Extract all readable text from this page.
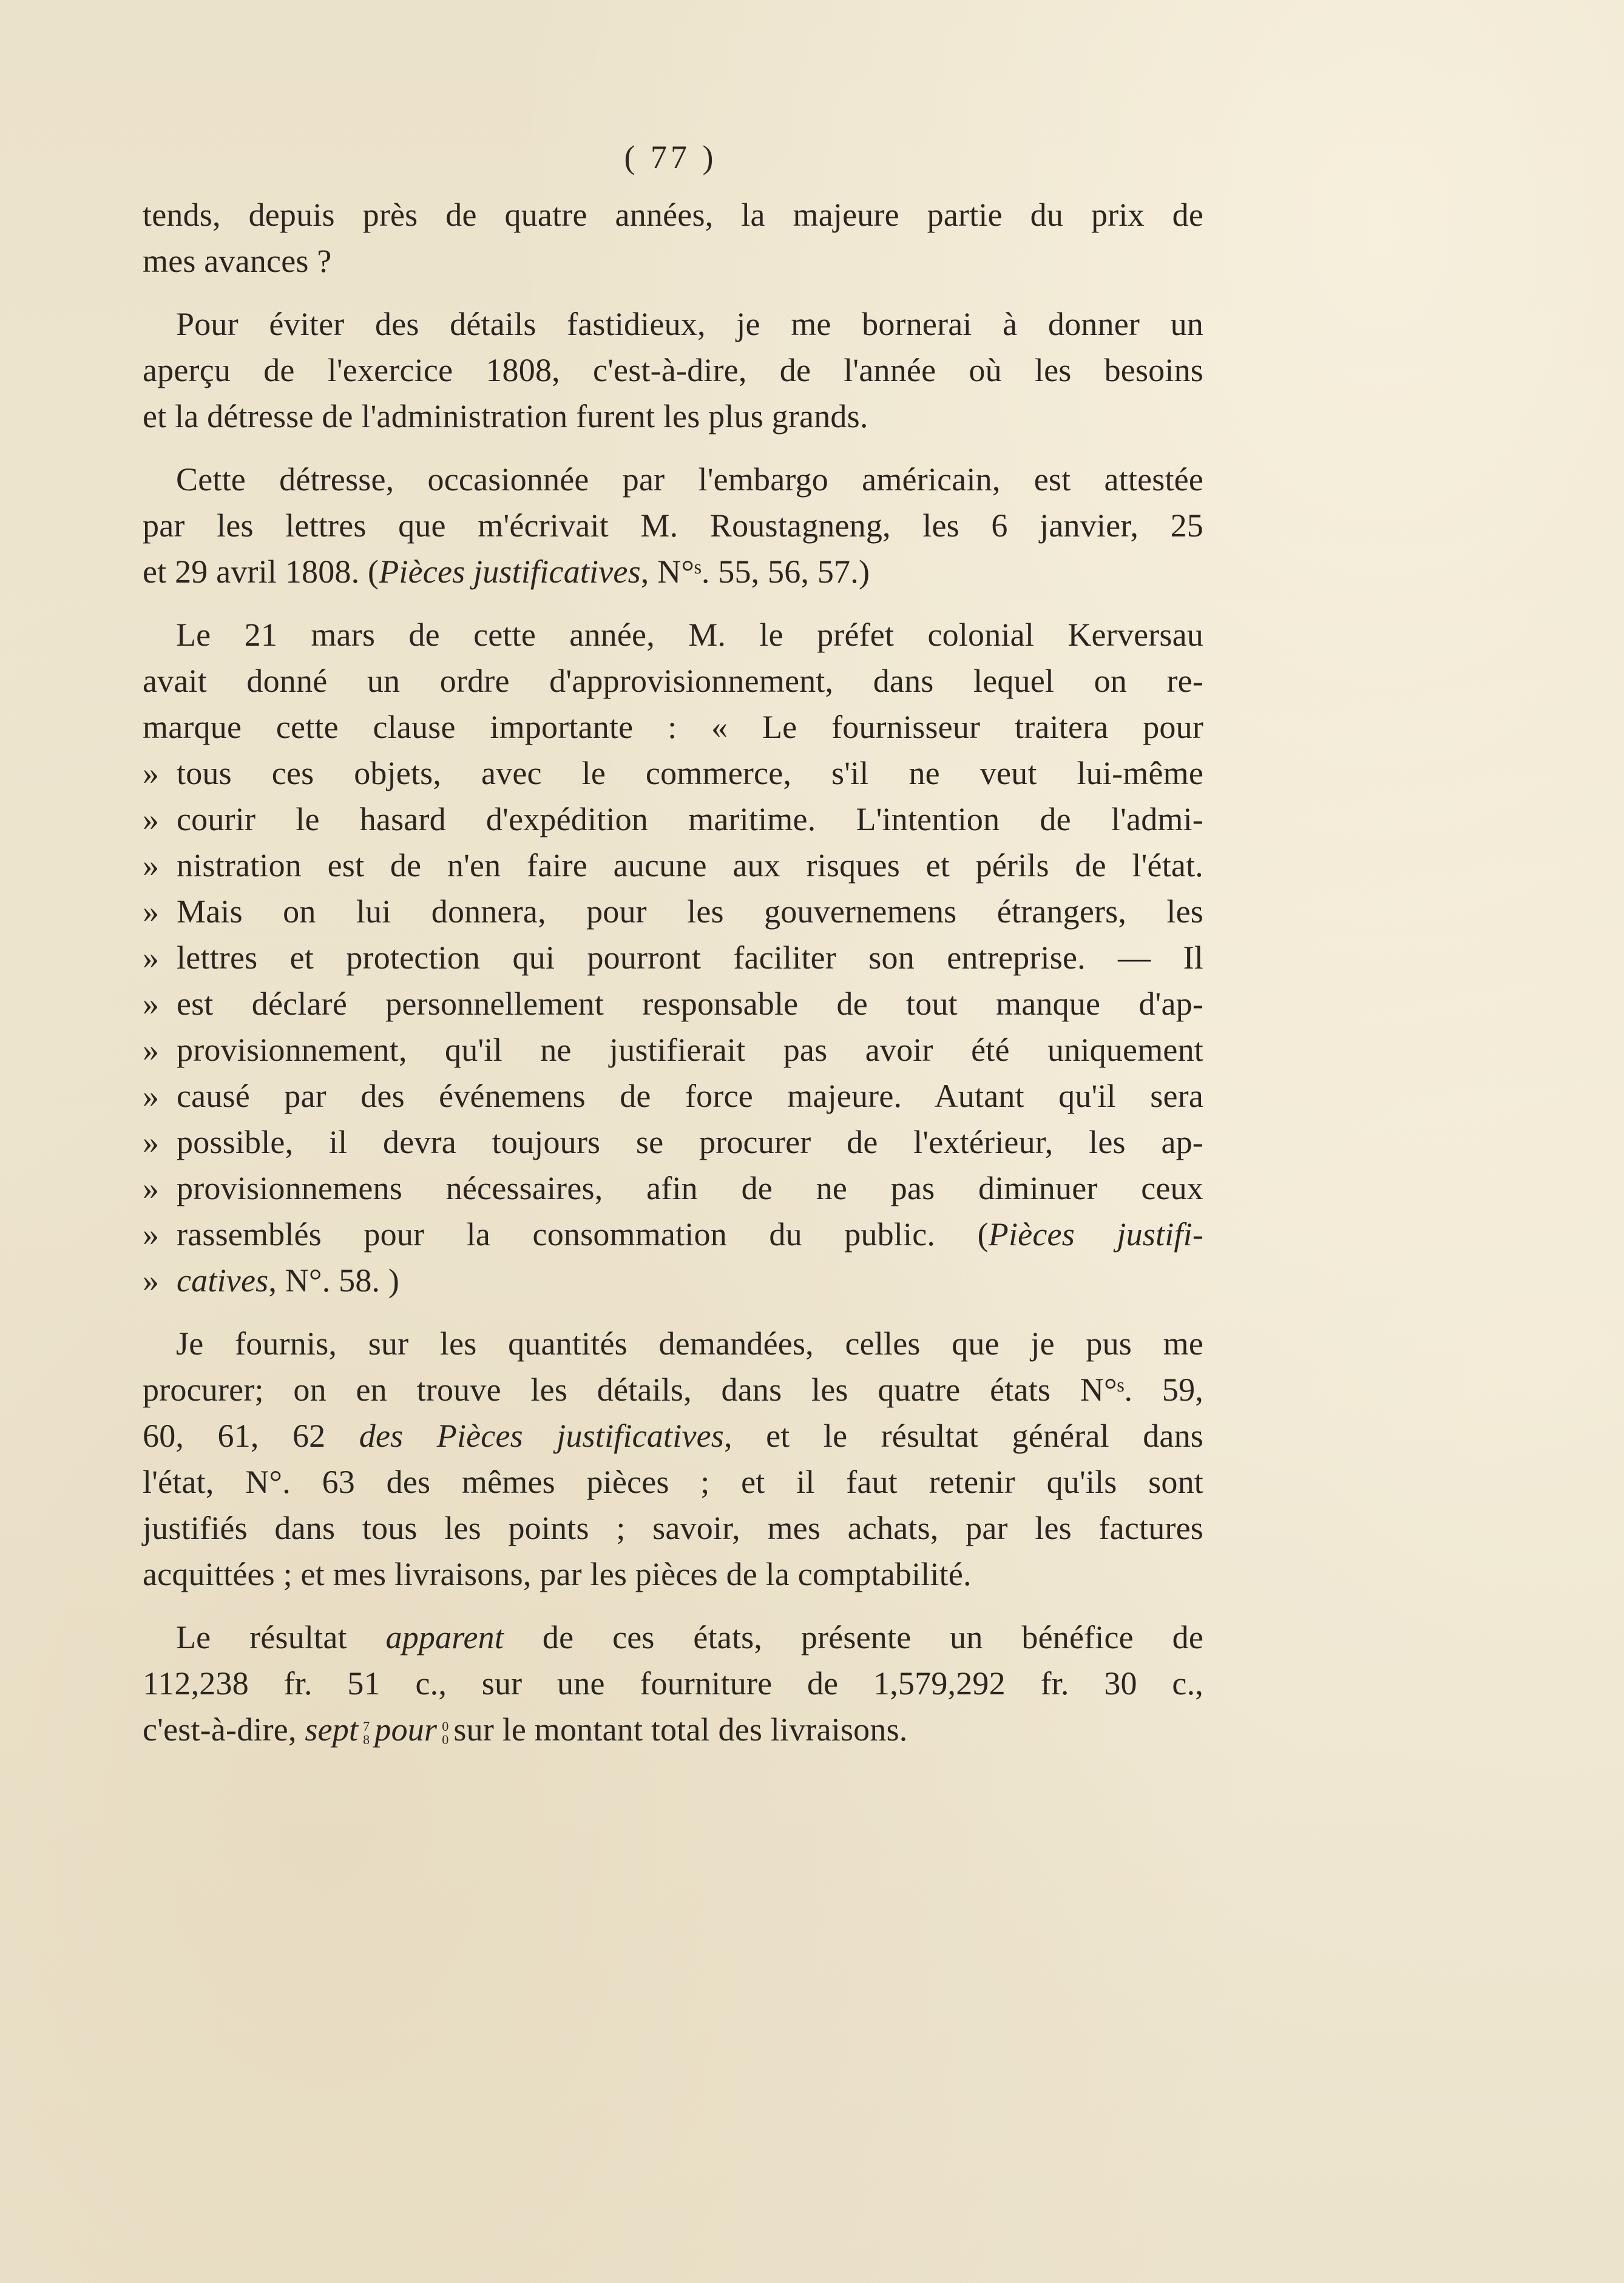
( 77 )
tends, depuis près de quatre années, la majeure partie du prix de
mes avances ?
Pour éviter des détails fastidieux, je me bornerai à donner un
aperçu de l'exercice 1808, c'est-à-dire, de l'année où les besoins
et la détresse de l'administration furent les plus grands.
Cette détresse, occasionnée par l'embargo américain, est attestée
par les lettres que m'écrivait M. Roustagneng, les 6 janvier, 25
et 29 avril 1808. (Pièces justificatives, N°ˢ. 55, 56, 57.)
Le 21 mars de cette année, M. le préfet colonial Kerversau
avait donné un ordre d'approvisionnement, dans lequel on re-
marque cette clause importante : « Le fournisseur traitera pour
» tous ces objets, avec le commerce, s'il ne veut lui-même
» courir le hasard d'expédition maritime. L'intention de l'admi-
» nistration est de n'en faire aucune aux risques et périls de l'état.
» Mais on lui donnera, pour les gouvernemens étrangers, les
» lettres et protection qui pourront faciliter son entreprise. — Il
» est déclaré personnellement responsable de tout manque d'ap-
» provisionnement, qu'il ne justifierait pas avoir été uniquement
» causé par des événemens de force majeure. Autant qu'il sera
» possible, il devra toujours se procurer de l'extérieur, les ap-
» provisionnemens nécessaires, afin de ne pas diminuer ceux
» rassemblés pour la consommation du public. (Pièces justifi-
» catives, N°. 58. )
Je fournis, sur les quantités demandées, celles que je pus me
procurer; on en trouve les détails, dans les quatre états N°ˢ. 59,
60, 61, 62 des Pièces justificatives, et le résultat général dans
l'état, N°. 63 des mêmes pièces ; et il faut retenir qu'ils sont
justifiés dans tous les points ; savoir, mes achats, par les factures
acquittées ; et mes livraisons, par les pièces de la comptabilité.
Le résultat apparent de ces états, présente un bénéfice de
112,238 fr. 51 c., sur une fourniture de 1,579,292 fr. 30 c.,
c'est-à-dire, sept 7
8 pour 0
0 sur le montant total des livraisons.
